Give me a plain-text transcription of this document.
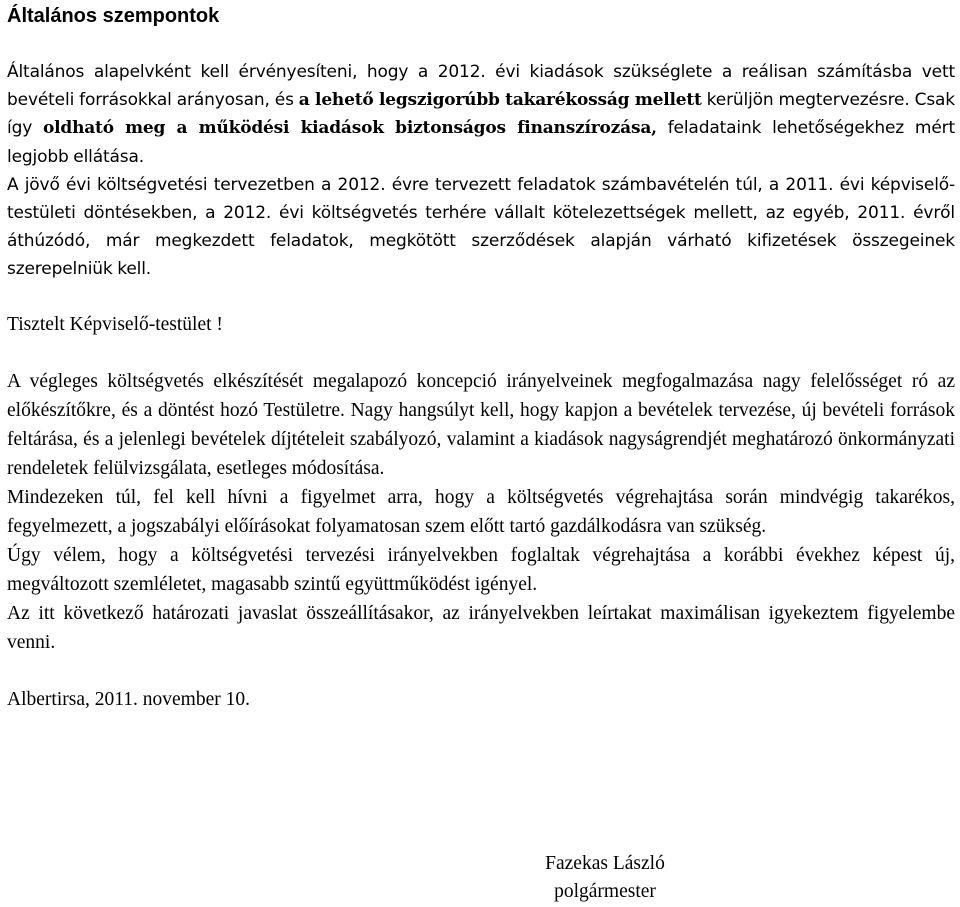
Általános szempontok

Általános alapelvként kell érvényesíteni, hogy a 2012. évi kiadások szükséglete a reálisan számításba vett bevételi forrásokkal arányosan, és a lehető legszigorúbb takarékosság mellett kerüljön megtervezésre. Csak így oldható meg a működési kiadások biztonságos finanszírozása, feladataink lehetőségekhez mért legjobb ellátása.

A jövő évi költségvetési tervezetben a 2012. évre tervezett feladatok számbavételén túl, a 2011. évi képviselő-testületi döntésekben, a 2012. évi költségvetés terhére vállalt kötelezettségek mellett, az egyéb, 2011. évről áthúzódó, már megkezdett feladatok, megkötött szerződések alapján várható kifizetések összegeinek szerepelniük kell.

Tisztelt Képviselő-testület !

A végleges költségvetés elkészítését megalapozó koncepció irányelveinek megfogalmazása nagy felelősséget ró az előkészítőkre, és a döntést hozó Testületre. Nagy hangsúlyt kell, hogy kapjon a bevételek tervezése, új bevételi források feltárása, és a jelenlegi bevételek díjtételeit szabályozó, valamint a kiadások nagyságrendjét meghatározó önkormányzati rendeletek felülvizsgálata, esetleges módosítása.

Mindezeken túl, fel kell hívni a figyelmet arra, hogy a költségvetés végrehajtása során mindvégig takarékos, fegyelmezett, a jogszabályi előírásokat folyamatosan szem előtt tartó gazdálkodásra van szükség.

Úgy vélem, hogy a költségvetési tervezési irányelvekben foglaltak végrehajtása a korábbi évekhez képest új, megváltozott szemléletet, magasabb szintű együttműködést igényel.

Az itt következő határozati javaslat összeállításakor, az irányelvekben leírtakat maximálisan igyekeztem figyelembe venni.

Albertirsa, 2011. november 10.

Fazekas László
polgármester
